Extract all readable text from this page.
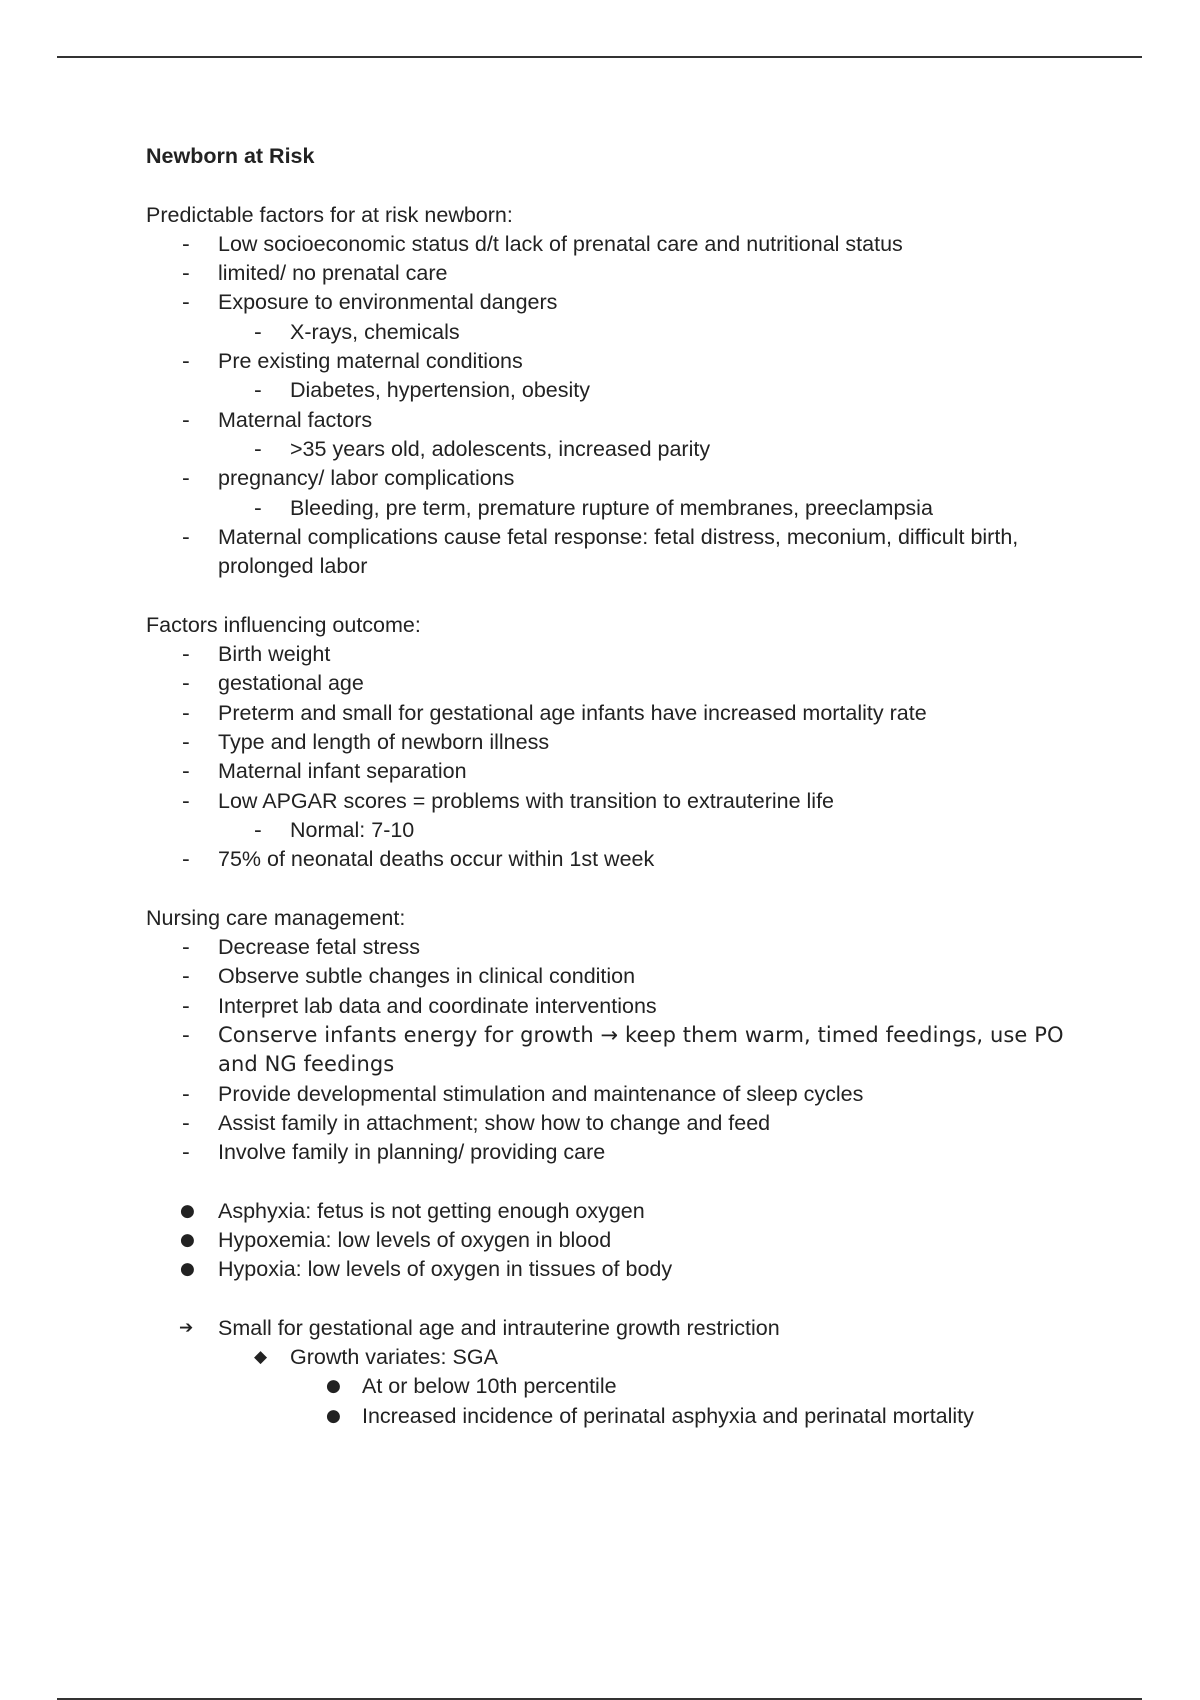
Newborn at Risk

Predictable factors for at risk newborn:

-	Low socioeconomic status d/t lack of prenatal care and nutritional status
-	limited/ no prenatal care
-	Exposure to environmental dangers
-	X-rays, chemicals
-	Pre existing maternal conditions
-	Diabetes, hypertension, obesity
-	Maternal factors
-	>35 years old, adolescents, increased parity
-	pregnancy/ labor complications
-	Bleeding, pre term, premature rupture of membranes, preeclampsia
-	Maternal complications cause fetal response: fetal distress, meconium, difficult birth, prolonged labor

Factors influencing outcome:

-	Birth weight
-	gestational age
-	Preterm and small for gestational age infants have increased mortality rate
-	Type and length of newborn illness
-	Maternal infant separation
-	Low APGAR scores = problems with transition to extrauterine life
-	Normal: 7-10
-	75% of neonatal deaths occur within 1st week

Nursing care management:

-	Decrease fetal stress
-	Observe subtle changes in clinical condition
-	Interpret lab data and coordinate interventions
-	Conserve infants energy for growth → keep them warm, timed feedings, use PO and NG feedings
-	Provide developmental stimulation and maintenance of sleep cycles
-	Assist family in attachment; show how to change and feed
-	Involve family in planning/ providing care
● Asphyxia: fetus is not getting enough oxygen
● Hypoxemia: low levels of oxygen in blood
● Hypoxia: low levels of oxygen in tissues of body
➔ Small for gestational age and intrauterine growth restriction
◆	Growth variates: SGA
● At or below 10th percentile
● Increased incidence of perinatal asphyxia and perinatal mortality
